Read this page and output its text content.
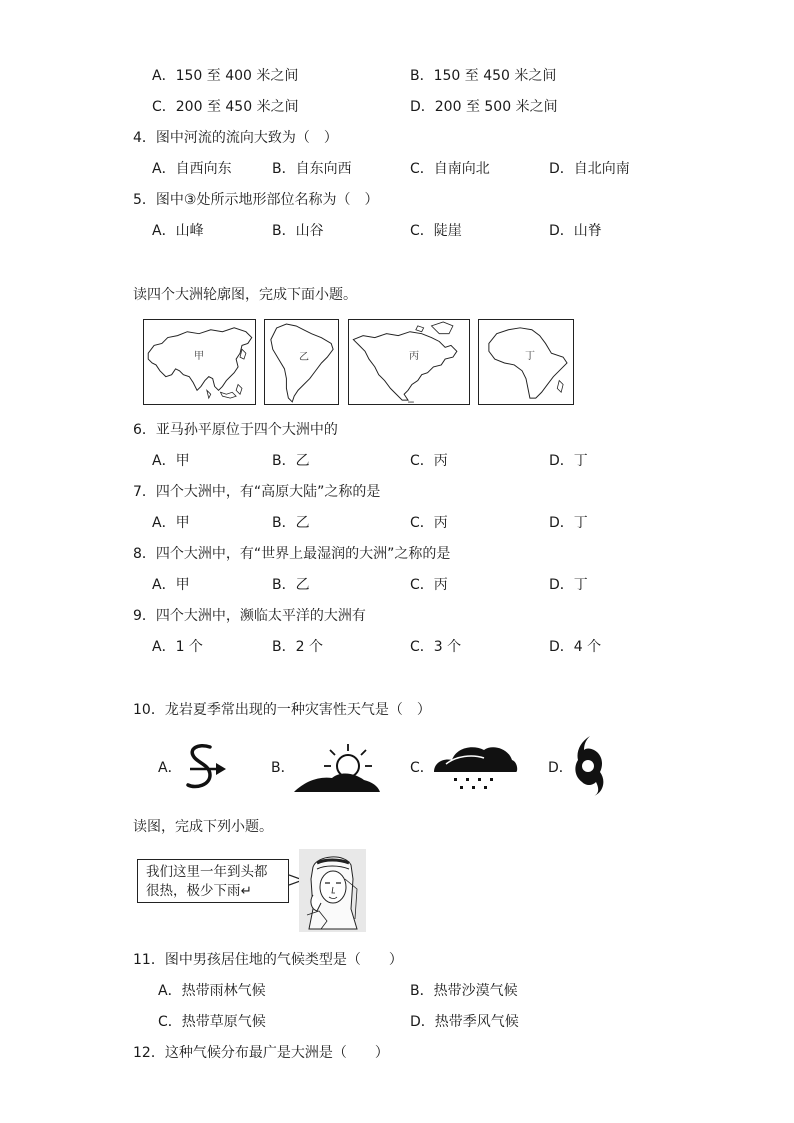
A．150 至 400 米之间	B．150 至 450 米之间
C．200 至 450 米之间	D．200 至 500 米之间
4．图中河流的流向大致为（　）
A．自西向东	B．自东向西	C．自南向北	D．自北向南
5．图中③处所示地形部位名称为（　）
A．山峰	B．山谷	C．陡崖	D．山脊
读四个大洲轮廓图，完成下面小题。
甲	乙	丙	丁
6．亚马孙平原位于四个大洲中的
A．甲	B．乙	C．丙	D．丁
7．四个大洲中，有“高原大陆”之称的是
A．甲	B．乙	C．丙	D．丁
8．四个大洲中，有“世界上最湿润的大洲”之称的是
A．甲	B．乙	C．丙	D．丁
9．四个大洲中，濒临太平洋的大洲有
A．1 个	B．2 个	C．3 个	D．4 个
10．龙岩夏季常出现的一种灾害性天气是（　）
A．	B．	C．	D．
读图，完成下列小题。
我们这里一年到头都
很热，极少下雨↵
11．图中男孩居住地的气候类型是（　　）
A．热带雨林气候	B．热带沙漠气候
C．热带草原气候	D．热带季风气候
12．这种气候分布最广是大洲是（　　）
